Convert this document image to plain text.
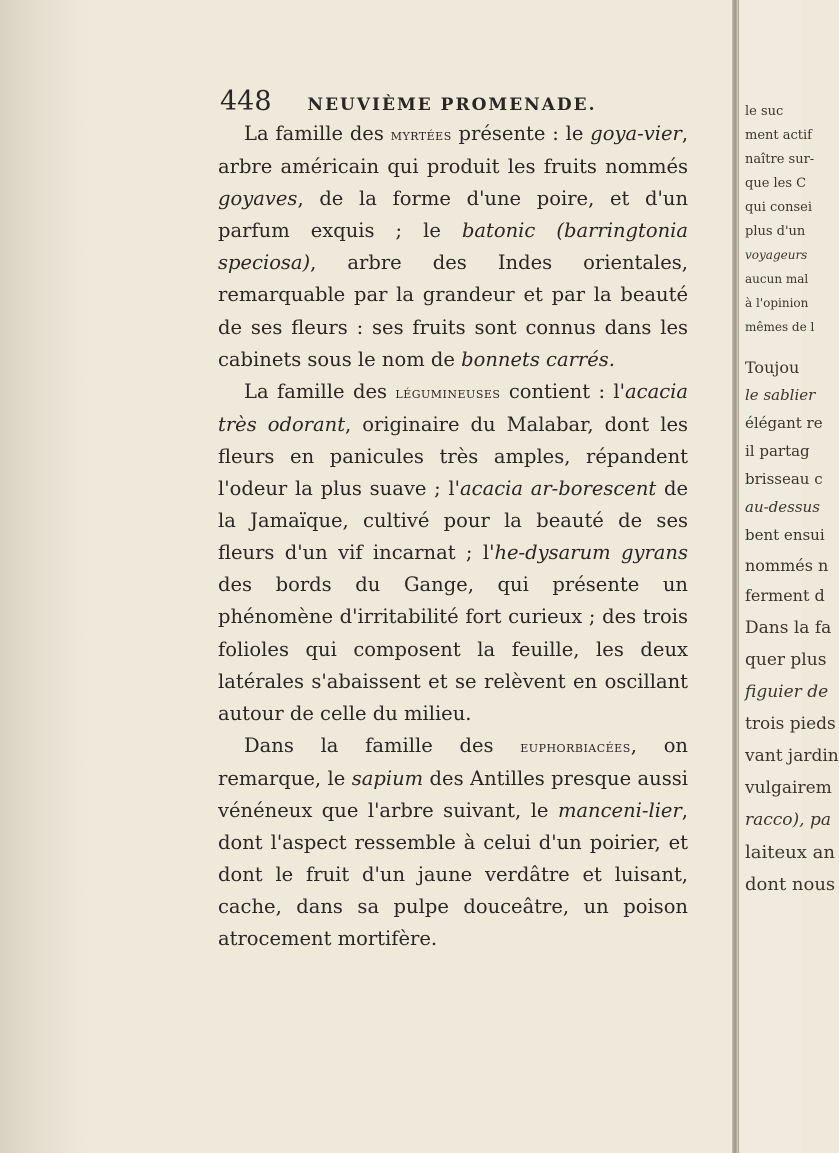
448 NEUVIÈME PROMENADE.

La famille des myrtées présente : le goya-vier, arbre américain qui produit les fruits nommés goyaves, de la forme d'une poire, et d'un parfum exquis ; le batonic (barringtonia speciosa), arbre des Indes orientales, remarquable par la grandeur et par la beauté de ses fleurs : ses fruits sont connus dans les cabinets sous le nom de bonnets carrés.

La famille des légumineuses contient : l'acacia très odorant, originaire du Malabar, dont les fleurs en panicules très amples, répandent l'odeur la plus suave ; l'acacia ar-borescent de la Jamaïque, cultivé pour la beauté de ses fleurs d'un vif incarnat ; l'he-dysarum gyrans des bords du Gange, qui présente un phénomène d'irritabilité fort curieux ; des trois folioles qui composent la feuille, les deux latérales s'abaissent et se relèvent en oscillant autour de celle du milieu.

Dans la famille des euphorbiacées, on remarque, le sapium des Antilles presque aussi vénéneux que l'arbre suivant, le manceni-lier, dont l'aspect ressemble à celui d'un poirier, et dont le fruit d'un jaune verdâtre et luisant, cache, dans sa pulpe douceâtre, un poison atrocement mortifère.

le suc
ment actif
naître sur-
que les C
qui consei
plus d'un
voyageurs
aucun mal
à l'opinion
mêmes de l
Toujou
le sablier
élégant re
il partag
brisseau c
au-dessus
bent ensui
nommés n
ferment d
Dans la fa
quer plus
figuier de
trois pieds
vant jardin
vulgairem
racco), pa
laiteux an
dont nous
